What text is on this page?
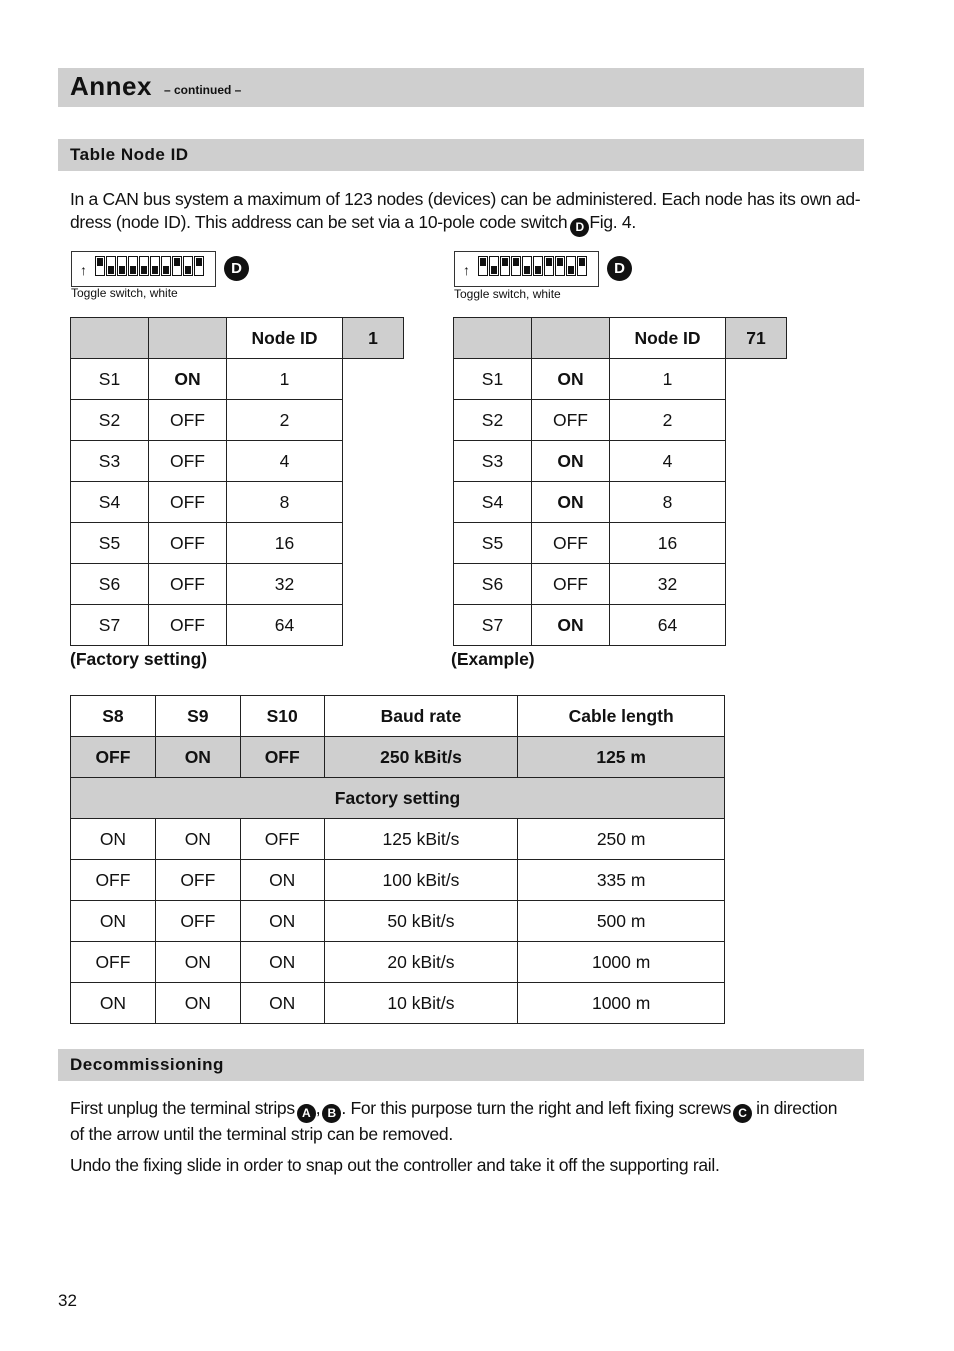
Annex – continued –
Table Node ID
In a CAN bus system a maximum of 123 nodes (devices) can be administered. Each node has its own ad-
dress (node ID). This address can be set via a 10-pole code switch D Fig. 4.
↑	D
Toggle switch, white
↑	D
Toggle switch, white
		Node ID	1
S1	ON	1	
S2	OFF	2	
S3	OFF	4	
S4	OFF	8	
S5	OFF	16	
S6	OFF	32	
S7	OFF	64	
(Factory setting)
		Node ID	71
S1	ON	1	
S2	OFF	2	
S3	ON	4	
S4	ON	8	
S5	OFF	16	
S6	OFF	32	
S7	ON	64	
(Example)
S8	S9	S10	Baud rate	Cable length
OFF	ON	OFF	250 kBit/s	125 m
Factory setting				
ON	ON	OFF	125 kBit/s	250 m
OFF	OFF	ON	100 kBit/s	335 m
ON	OFF	ON	50 kBit/s	500 m
OFF	ON	ON	20 kBit/s	1000 m
ON	ON	ON	10 kBit/s	1000 m
Decommissioning
First unplug the terminal strips A , B . For this purpose turn the right and left fixing screws C in direction
of the arrow until the terminal strip can be removed.
Undo the fixing slide in order to snap out the controller and take it off the supporting rail.
32
